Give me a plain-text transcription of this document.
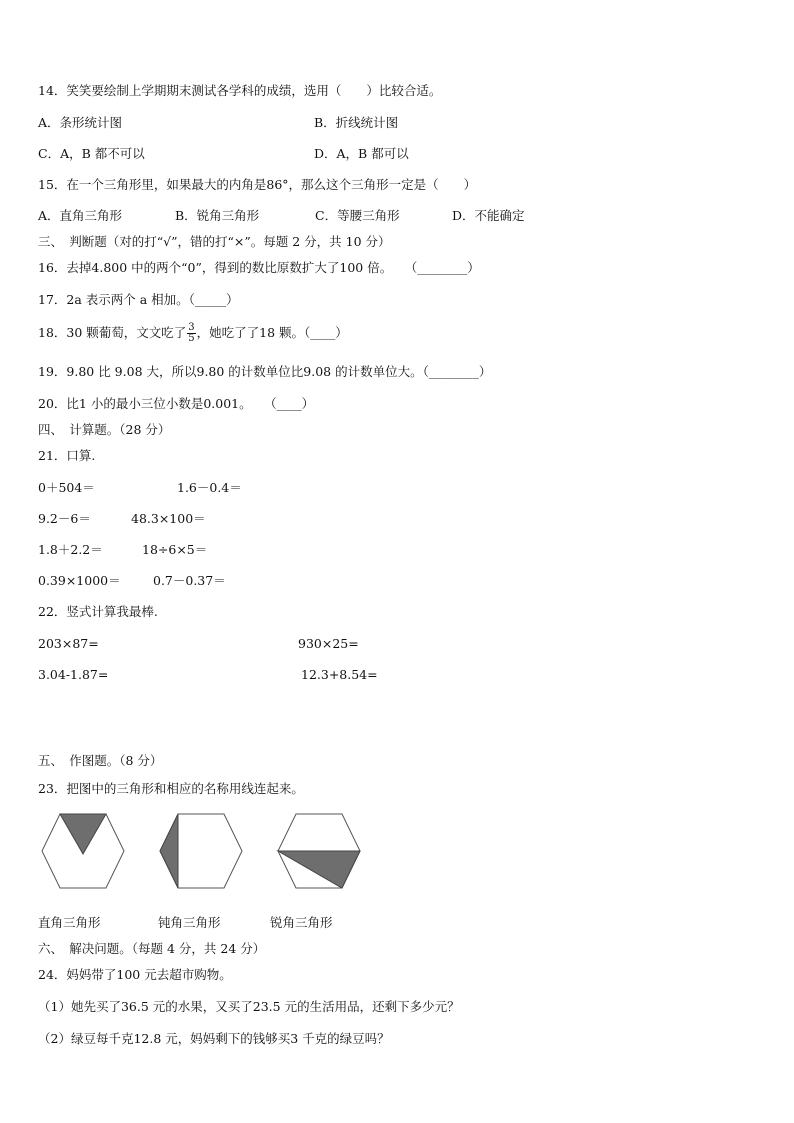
14．笑笑要绘制上学期期末测试各学科的成绩，选用（　　）比较合适。
A．条形统计图	B．折线统计图
C．A，B 都不可以	D．A，B 都可以
15．在一个三角形里，如果最大的内角是86°，那么这个三角形一定是（　　）
A．直角三角形	B．锐角三角形	C．等腰三角形	D．不能确定
三、　判断题（对的打“√”，错的打“×”。每题 2 分，共 10 分）
16．去掉4.800 中的两个“0”，得到的数比原数扩大了100 倍。　　（________）
17．2a 表示两个 a 相加。（_____）
18．30 颗葡萄，文文吃了 $\frac{3}{5}$ ，她吃了了18 颗。（____）
19．9.80 比 9.08 大，所以9.80 的计数单位比9.08 的计数单位大。（________）
20．比1 小的最小三位小数是0.001。　　（____）
四、　计算题。（28 分）
21．口算.
0＋504＝	1.6－0.4＝
9.2－6＝	48.3×100＝
1.8＋2.2＝	18÷6×5＝
0.39×1000＝	0.7－0.37＝
22．竖式计算我最棒.
203×87=	930×25=
3.04-1.87=	12.3+8.54=
五、　作图题。（8 分）
23．把图中的三角形和相应的名称用线连起来。
直角三角形	钝角三角形	锐角三角形
六、　解决问题。（每题 4 分，共 24 分）
24．妈妈带了100 元去超市购物。
（1）她先买了36.5 元的水果，又买了23.5 元的生活用品，还剩下多少元？
（2）绿豆每千克12.8 元，妈妈剩下的钱够买3 千克的绿豆吗？
